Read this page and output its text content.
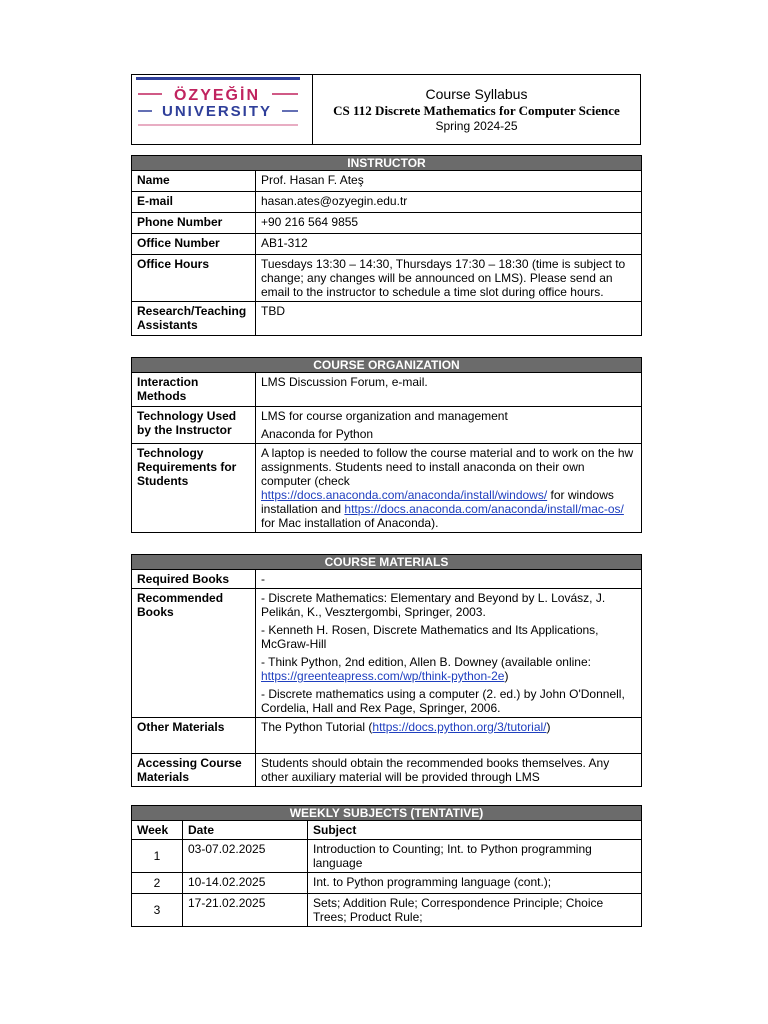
ÖZYEĞİN
UNIVERSITY

Course Syllabus
CS 112 Discrete Mathematics for Computer Science
Spring 2024-25
INSTRUCTOR	
Name	Prof. Hasan F. Ateş
E-mail	hasan.ates@ozyegin.edu.tr
Phone Number	+90 216 564 9855
Office Number	AB1-312
Office Hours	Tuesdays 13:30 – 14:30, Thursdays 17:30 – 18:30 (time is subject to change; any changes will be announced on LMS). Please send an email to the instructor to schedule a time slot during office hours.
Research/Teaching Assistants	TBD
COURSE ORGANIZATION	
Interaction Methods	LMS Discussion Forum, e-mail.
Technology Used by the Instructor	LMS for course organization and management

Anaconda for Python

Technology Requirements for Students	A laptop is needed to follow the course material and to work on the hw assignments. Students need to install anaconda on their own computer (check https://docs.anaconda.com/anaconda/install/windows/ for windows installation and https://docs.anaconda.com/anaconda/install/mac-os/ for Mac installation of Anaconda).
COURSE MATERIALS	
Required Books	-
Recommended Books	- Discrete Mathematics: Elementary and Beyond by L. Lovász, J. Pelikán, K., Vesztergombi, Springer, 2003.

- Kenneth H. Rosen, Discrete Mathematics and Its Applications, McGraw-Hill

- Think Python, 2nd edition, Allen B. Downey (available online: https://greenteapress.com/wp/think-python-2e)

- Discrete mathematics using a computer (2. ed.) by John O'Donnell, Cordelia, Hall and Rex Page, Springer, 2006.

Other Materials	The Python Tutorial (https://docs.python.org/3/tutorial/)
Accessing Course Materials	Students should obtain the recommended books themselves. Any other auxiliary material will be provided through LMS
WEEKLY SUBJECTS (TENTATIVE)		
Week	Date	Subject
1	03-07.02.2025	Introduction to Counting; Int. to Python programming language
2	10-14.02.2025	Int. to Python programming language (cont.);
3	17-21.02.2025	Sets; Addition Rule; Correspondence Principle; Choice Trees; Product Rule;
